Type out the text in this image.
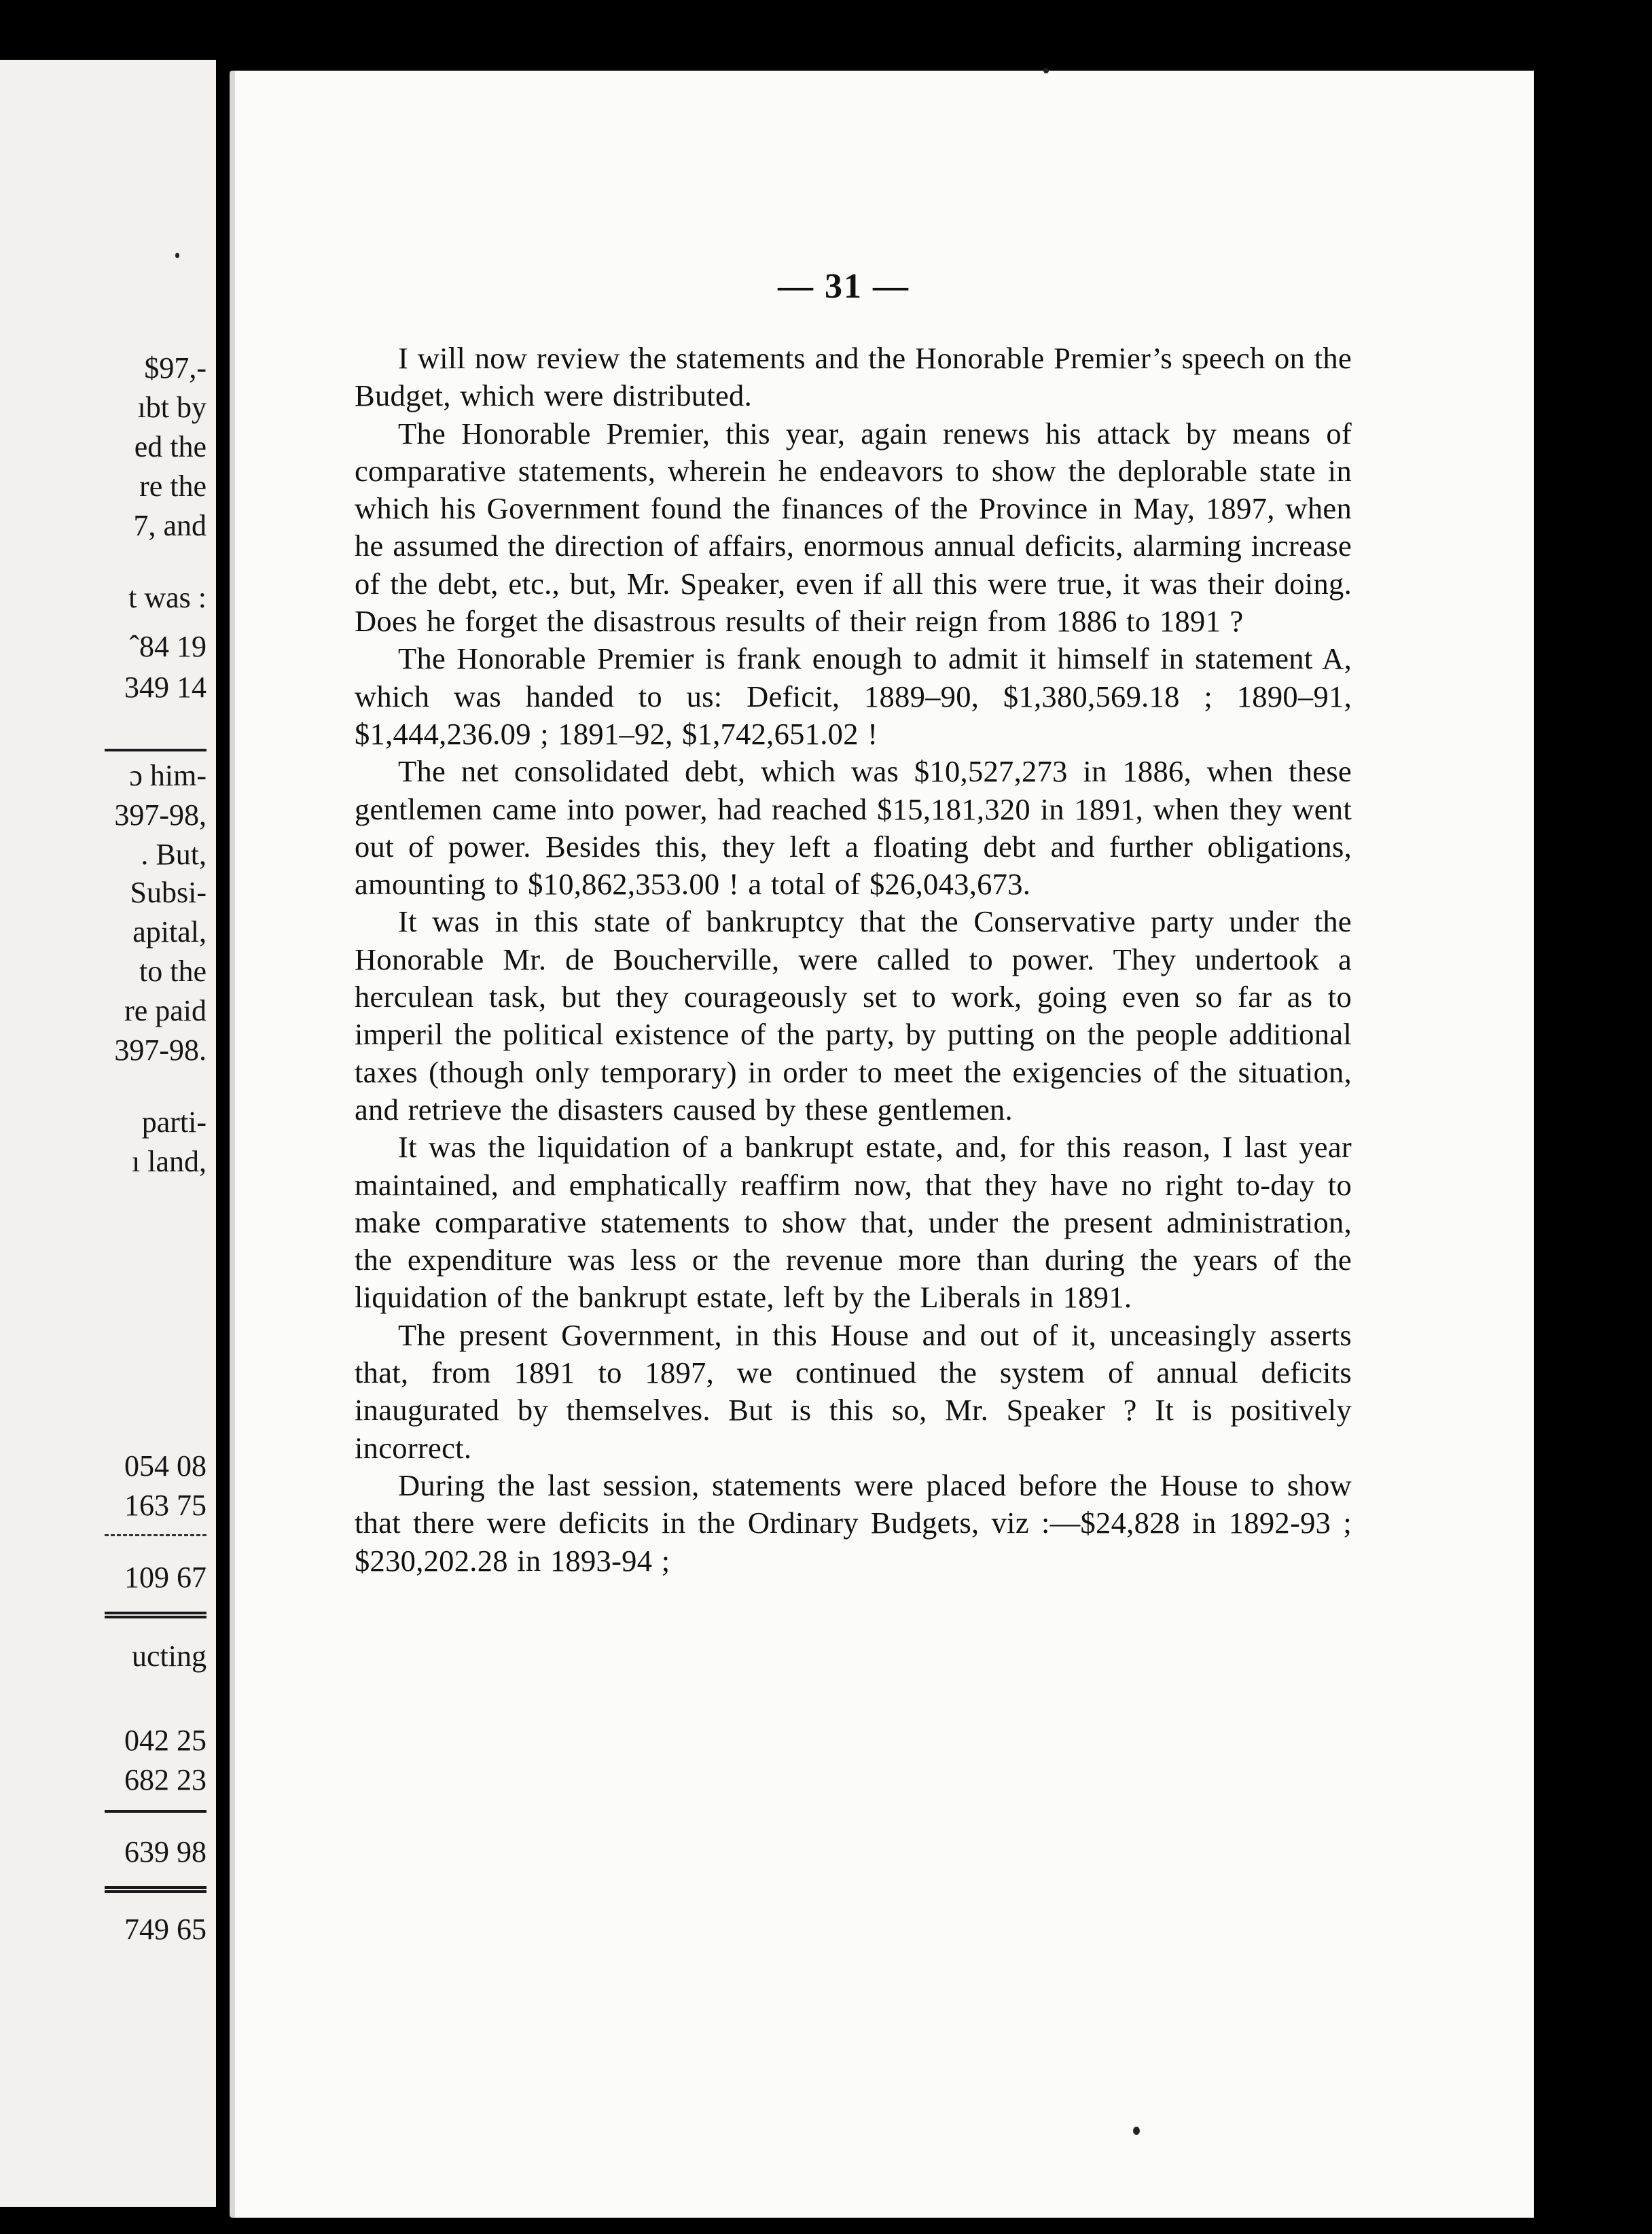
$97,-
ıbt by
ed the
re the
7, and
t was :
ˆ84 19
349 14
ɔ him-
397-98,
. But,
Subsi-
apital,
to the
re paid
397-98.
parti-
ı land,
054 08
163 75
109 67
ucting
042 25
682 23
639 98
749 65
— 31 —

I will now review the statements and the Honorable Premier’s speech on the Budget, which were distributed.

The Honorable Premier, this year, again renews his attack by means of comparative statements, wherein he endeavors to show the deplorable state in which his Government found the finances of the Province in May, 1897, when he assumed the direction of affairs, enormous annual deficits, alarming increase of the debt, etc., but, Mr. Speaker, even if all this were true, it was their doing. Does he forget the disastrous results of their reign from 1886 to 1891 ?

The Honorable Premier is frank enough to admit it himself in statement A, which was handed to us: Deficit, 1889–90, $1,380,569.18 ; 1890–91, $1,444,236.09 ; 1891–92, $1,742,651.02 !

The net consolidated debt, which was $10,527,273 in 1886, when these gentlemen came into power, had reached $15,181,320 in 1891, when they went out of power. Besides this, they left a floating debt and further obligations, amounting to $10,862,353.00 ! a total of $26,043,673.

It was in this state of bankruptcy that the Conservative party under the Honorable Mr. de Boucherville, were called to power. They undertook a herculean task, but they courageously set to work, going even so far as to imperil the political existence of the party, by putting on the people additional taxes (though only temporary) in order to meet the exigencies of the situation, and retrieve the disasters caused by these gentlemen.

It was the liquidation of a bankrupt estate, and, for this reason, I last year maintained, and emphatically reaffirm now, that they have no right to-day to make comparative statements to show that, under the present administration, the expenditure was less or the revenue more than during the years of the liquidation of the bankrupt estate, left by the Liberals in 1891.

The present Government, in this House and out of it, unceasingly asserts that, from 1891 to 1897, we continued the system of annual deficits inaugurated by themselves. But is this so, Mr. Speaker ? It is positively incorrect.

During the last session, statements were placed before the House to show that there were deficits in the Ordinary Budgets, viz :—$24,828 in 1892-93 ; $230,202.28 in 1893-94 ;
